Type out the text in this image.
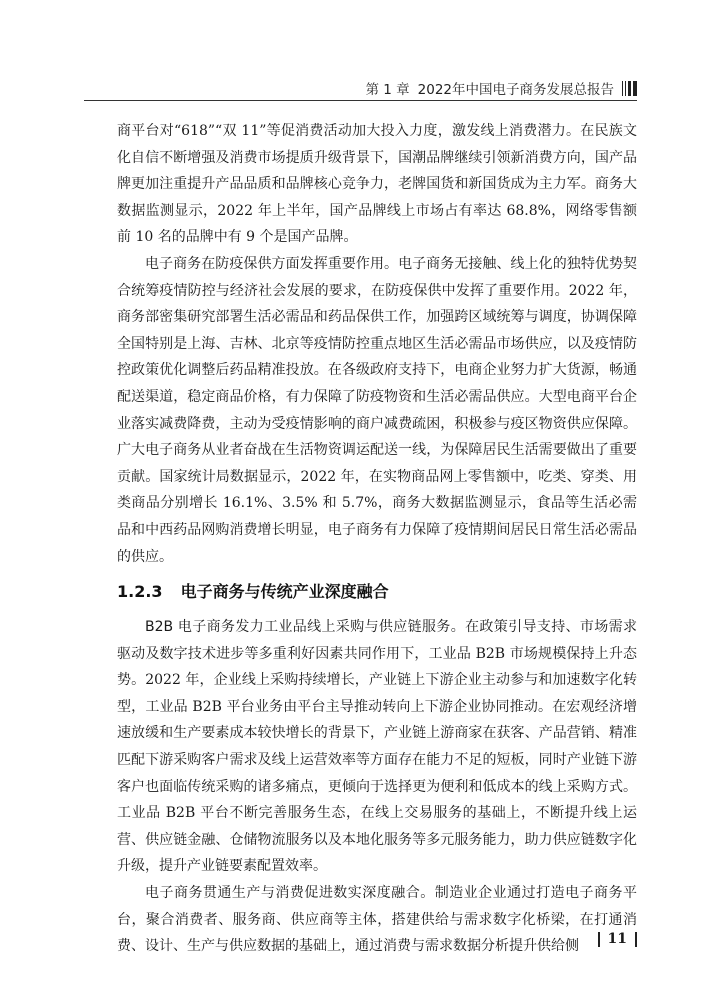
第 1 章 2022年中国电子商务发展总报告

商平台对“618”“双 11”等促消费活动加大投入力度，激发线上消费潜力。在民族文化自信不断增强及消费市场提质升级背景下，国潮品牌继续引领新消费方向，国产品牌更加注重提升产品品质和品牌核心竞争力，老牌国货和新国货成为主力军。商务大数据监测显示，2022 年上半年，国产品牌线上市场占有率达 68.8%，网络零售额前 10 名的品牌中有 9 个是国产品牌。

电子商务在防疫保供方面发挥重要作用。电子商务无接触、线上化的独特优势契合统筹疫情防控与经济社会发展的要求，在防疫保供中发挥了重要作用。2022 年，商务部密集研究部署生活必需品和药品保供工作，加强跨区域统筹与调度，协调保障全国特别是上海、吉林、北京等疫情防控重点地区生活必需品市场供应，以及疫情防控政策优化调整后药品精准投放。在各级政府支持下，电商企业努力扩大货源，畅通配送渠道，稳定商品价格，有力保障了防疫物资和生活必需品供应。大型电商平台企业落实减费降费，主动为受疫情影响的商户减费疏困，积极参与疫区物资供应保障。广大电子商务从业者奋战在生活物资调运配送一线，为保障居民生活需要做出了重要贡献。国家统计局数据显示，2022 年，在实物商品网上零售额中，吃类、穿类、用类商品分别增长 16.1%、3.5% 和 5.7%，商务大数据监测显示，食品等生活必需品和中西药品网购消费增长明显，电子商务有力保障了疫情期间居民日常生活必需品的供应。

1.2.3 电子商务与传统产业深度融合

B2B 电子商务发力工业品线上采购与供应链服务。在政策引导支持、市场需求驱动及数字技术进步等多重利好因素共同作用下，工业品 B2B 市场规模保持上升态势。2022 年，企业线上采购持续增长，产业链上下游企业主动参与和加速数字化转型，工业品 B2B 平台业务由平台主导推动转向上下游企业协同推动。在宏观经济增速放缓和生产要素成本较快增长的背景下，产业链上游商家在获客、产品营销、精准匹配下游采购客户需求及线上运营效率等方面存在能力不足的短板，同时产业链下游客户也面临传统采购的诸多痛点，更倾向于选择更为便利和低成本的线上采购方式。工业品 B2B 平台不断完善服务生态，在线上交易服务的基础上，不断提升线上运营、供应链金融、仓储物流服务以及本地化服务等多元服务能力，助力供应链数字化升级，提升产业链要素配置效率。

电子商务贯通生产与消费促进数实深度融合。制造业企业通过打造电子商务平台，聚合消费者、服务商、供应商等主体，搭建供给与需求数字化桥梁，在打通消费、设计、生产与供应数据的基础上，通过消费与需求数据分析提升供给侧	11
